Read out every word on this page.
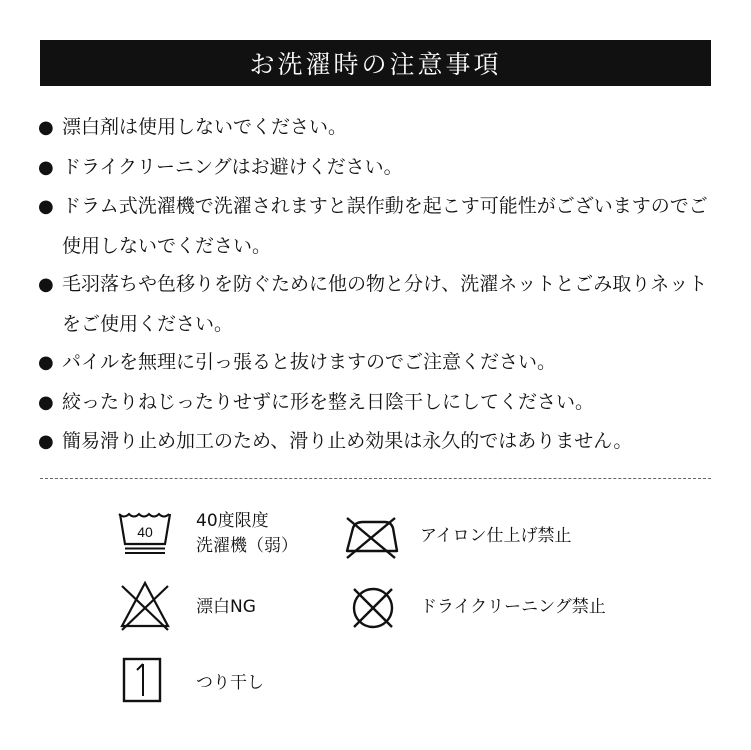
お洗濯時の注意事項
● 漂白剤は使用しないでください。
● ドライクリーニングはお避けください。
● ドラム式洗濯機で洗濯されますと誤作動を起こす可能性がございますのでご使用しないでください。
● 毛羽落ちや色移りを防ぐために他の物と分け、洗濯ネットとごみ取りネットをご使用ください。
● パイルを無理に引っ張ると抜けますのでご注意ください。
● 絞ったりねじったりせずに形を整え日陰干しにしてください。
● 簡易滑り止め加工のため、滑り止め効果は永久的ではありません。
40
40度限度
洗濯機（弱）	アイロン仕上げ禁止
漂白NG	ドライクリーニング禁止
つり干し
